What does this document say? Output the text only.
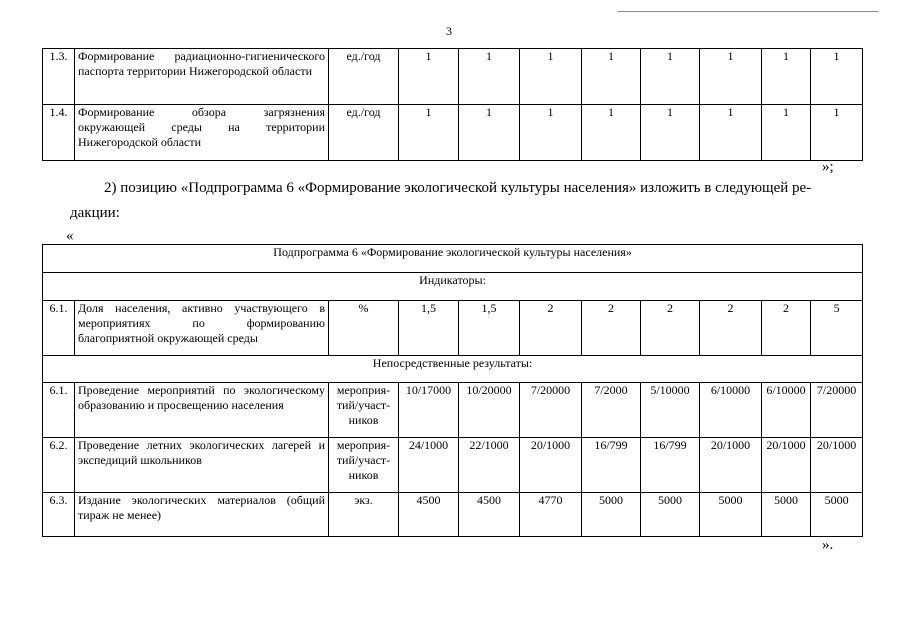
3
1.3.	Формирование радиационно-гигиенического паспорта территории Нижегородской области	ед./год	1	1	1	1	1	1	1	1
1.4.	Формирование обзора загрязнения окружающей среды на территории Нижегородской области	ед./год	1	1	1	1	1	1	1	1
»;
2) позицию «Подпрограмма 6 «Формирование экологической культуры населения» изложить в следующей ре-
дакции:
«
Подпрограмма 6 «Формирование экологической культуры населения»										
Индикаторы:										
6.1.	Доля населения, активно участвующего в мероприятиях по формированию благоприятной окружающей среды	%	1,5	1,5	2	2	2	2	2	5
Непосредственные результаты:										
6.1.	Проведение мероприятий по экологическому образованию и просвещению населения	мероприя-тий/участ-ников	10/17000	10/20000	7/20000	7/2000	5/10000	6/10000	6/10000	7/20000
6.2.	Проведение летних экологических лагерей и экспедиций школьников	мероприя-тий/участ-ников	24/1000	22/1000	20/1000	16/799	16/799	20/1000	20/1000	20/1000
6.3.	Издание экологических материалов (общий тираж не менее)	экз.	4500	4500	4770	5000	5000	5000	5000	5000
».
